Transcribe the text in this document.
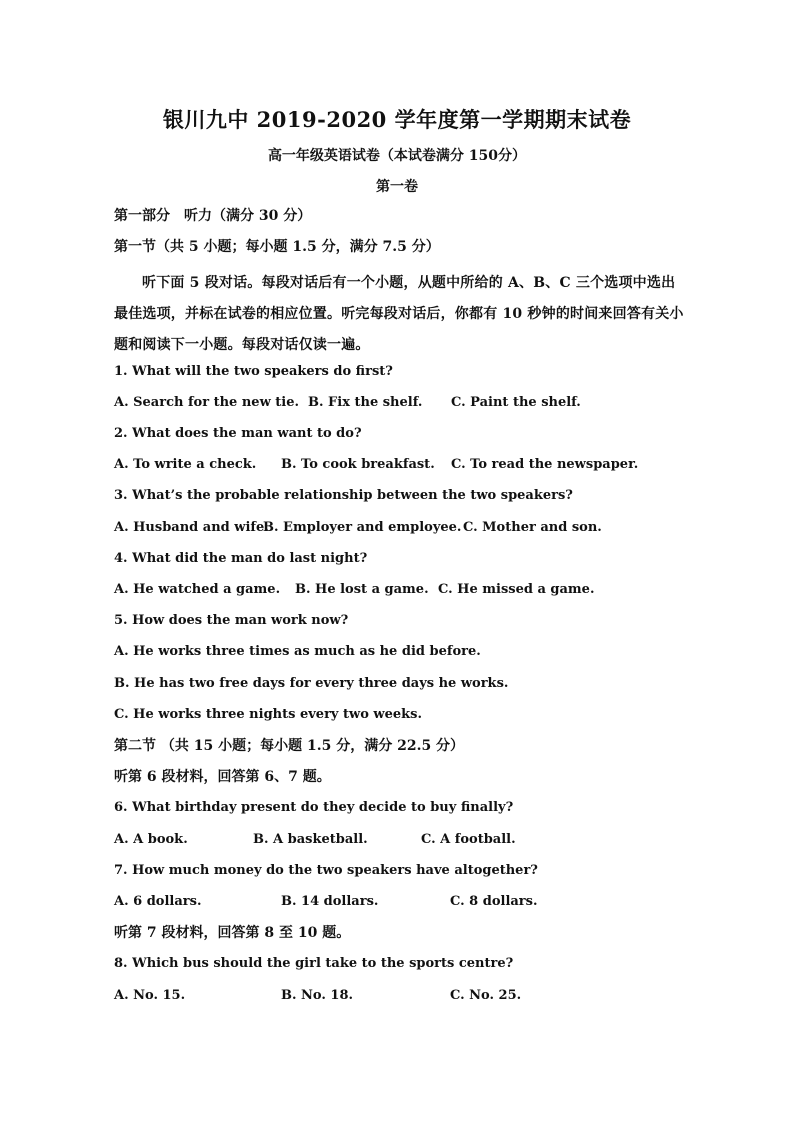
银川九中 2019-2020 学年度第一学期期末试卷
高一年级英语试卷（本试卷满分 150分）
第一卷
第一部分　听力（满分 30 分）
第一节（共 5 小题；每小题 1.5 分，满分 7.5 分）
听下面 5 段对话。每段对话后有一个小题，从题中所给的 A、B、C 三个选项中选出最佳选项，并标在试卷的相应位置。听完每段对话后，你都有 10 秒钟的时间来回答有关小题和阅读下一小题。每段对话仅读一遍。
1. What will the two speakers do first?
A. Search for the new tie. B. Fix the shelf. C. Paint the shelf.
2. What does the man want to do?
A. To write a check. B. To cook breakfast. C. To read the newspaper.
3. What’s the probable relationship between the two speakers?
A. Husband and wife.
B. Employer and employee. C. Mother and son.
4. What did the man do last night?
A. He watched a game. B. He lost a game. C. He missed a game.
5. How does the man work now?
A. He works three times as much as he did before.
B. He has two free days for every three days he works.
C. He works three nights every two weeks.
第二节 （共 15 小题；每小题 1.5 分，满分 22.5 分）
听第 6 段材料，回答第 6、7 题。
6. What birthday present do they decide to buy finally?
A. A book.	B. A basketball.	C. A football.
7. How much money do the two speakers have altogether?
A. 6 dollars.	B. 14 dollars.	C. 8 dollars.
听第 7 段材料，回答第 8 至 10 题。
8. Which bus should the girl take to the sports centre?
A. No. 15.	B. No. 18.	C. No. 25.
